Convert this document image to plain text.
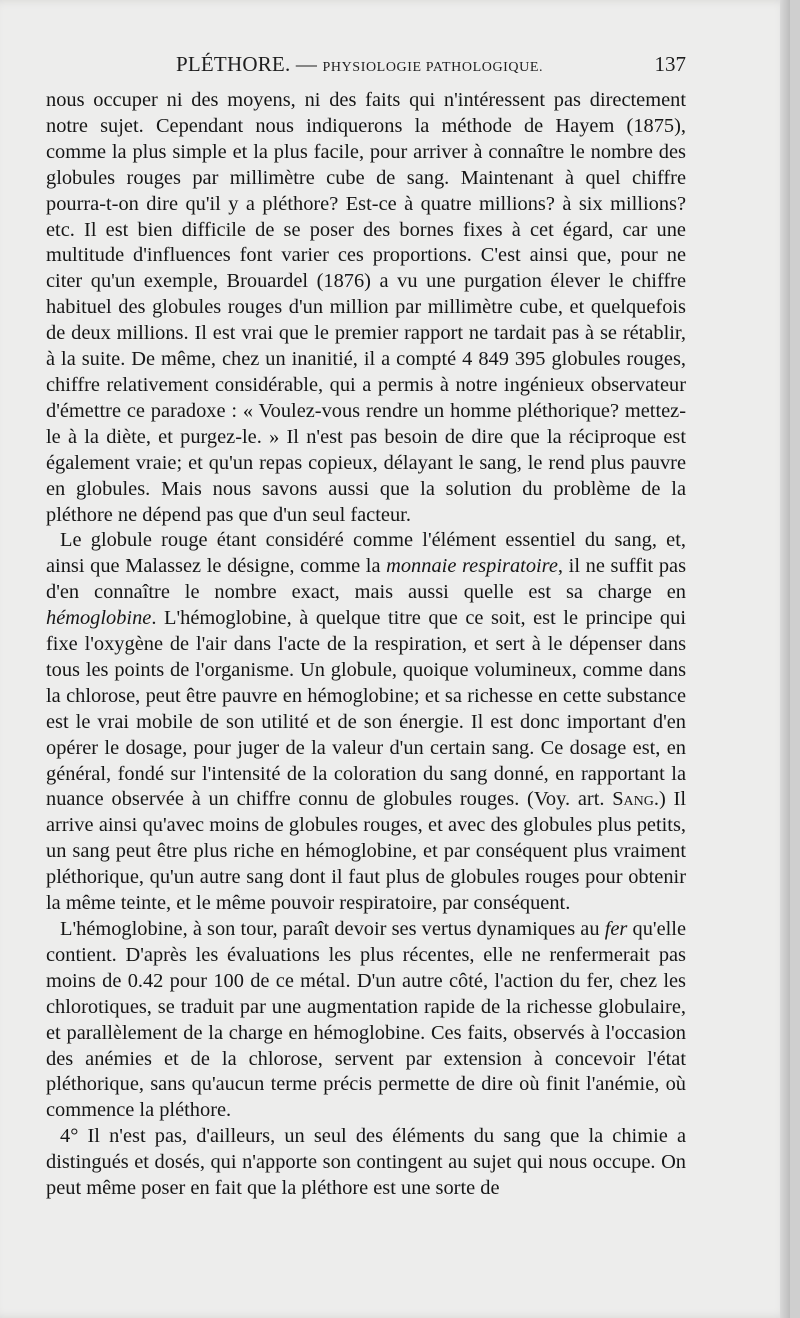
PLÉTHORE. — PHYSIOLOGIE PATHOLOGIQUE.	137

nous occuper ni des moyens, ni des faits qui n'intéressent pas directement notre sujet. Cependant nous indiquerons la méthode de Hayem (1875), comme la plus simple et la plus facile, pour arriver à connaître le nombre des globules rouges par millimètre cube de sang. Maintenant à quel chiffre pourra-t-on dire qu'il y a pléthore? Est-ce à quatre millions? à six millions? etc. Il est bien difficile de se poser des bornes fixes à cet égard, car une multitude d'influences font varier ces proportions. C'est ainsi que, pour ne citer qu'un exemple, Brouardel (1876) a vu une purgation élever le chiffre habituel des globules rouges d'un million par millimètre cube, et quelquefois de deux millions. Il est vrai que le premier rapport ne tardait pas à se rétablir, à la suite. De même, chez un inanitié, il a compté 4 849 395 globules rouges, chiffre relativement considérable, qui a permis à notre ingénieux observateur d'émettre ce paradoxe : « Voulez-vous rendre un homme pléthorique? mettez-le à la diète, et purgez-le. » Il n'est pas besoin de dire que la réciproque est également vraie; et qu'un repas copieux, délayant le sang, le rend plus pauvre en globules. Mais nous savons aussi que la solution du problème de la pléthore ne dépend pas que d'un seul facteur.

Le globule rouge étant considéré comme l'élément essentiel du sang, et, ainsi que Malassez le désigne, comme la monnaie respiratoire, il ne suffit pas d'en connaître le nombre exact, mais aussi quelle est sa charge en hémoglobine. L'hémoglobine, à quelque titre que ce soit, est le principe qui fixe l'oxygène de l'air dans l'acte de la respiration, et sert à le dépenser dans tous les points de l'organisme. Un globule, quoique volumineux, comme dans la chlorose, peut être pauvre en hémoglobine; et sa richesse en cette substance est le vrai mobile de son utilité et de son énergie. Il est donc important d'en opérer le dosage, pour juger de la valeur d'un certain sang. Ce dosage est, en général, fondé sur l'intensité de la coloration du sang donné, en rapportant la nuance observée à un chiffre connu de globules rouges. (Voy. art. Sang.) Il arrive ainsi qu'avec moins de globules rouges, et avec des globules plus petits, un sang peut être plus riche en hémoglobine, et par conséquent plus vraiment pléthorique, qu'un autre sang dont il faut plus de globules rouges pour obtenir la même teinte, et le même pouvoir respiratoire, par conséquent.

L'hémoglobine, à son tour, paraît devoir ses vertus dynamiques au fer qu'elle contient. D'après les évaluations les plus récentes, elle ne renfermerait pas moins de 0.42 pour 100 de ce métal. D'un autre côté, l'action du fer, chez les chlorotiques, se traduit par une augmentation rapide de la richesse globulaire, et parallèlement de la charge en hémoglobine. Ces faits, observés à l'occasion des anémies et de la chlorose, servent par extension à concevoir l'état pléthorique, sans qu'aucun terme précis permette de dire où finit l'anémie, où commence la pléthore.

4° Il n'est pas, d'ailleurs, un seul des éléments du sang que la chimie a distingués et dosés, qui n'apporte son contingent au sujet qui nous occupe. On peut même poser en fait que la pléthore est une sorte de
